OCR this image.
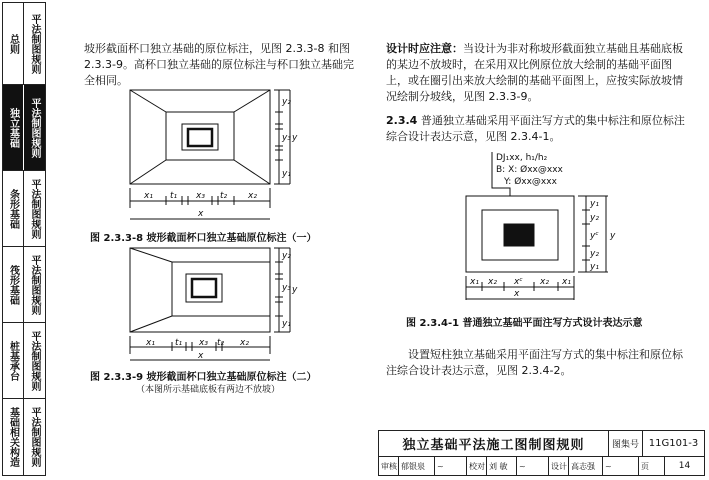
总则	平法制图规则
独立基础	平法制图规则
条形基础	平法制图规则
筏形基础	平法制图规则
桩基承台	平法制图规则
基础相关构造	平法制图规则
坡形截面杯口独立基础的原位标注，见图 2.3.3-8 和图 2.3.3-9。高杯口独立基础的原位标注与杯口独立基础完全相同。
x₁ t₁ x₃ t₂ x₂
x
y₂
y₃
y₁
y
图 2.3.3-8 坡形截面杯口独立基础原位标注（一）
x₁ t₁ x₃ t₂ x₂
x
y₂
y₃
y₁
y
图 2.3.3-9 坡形截面杯口独立基础原位标注（二）
（本图所示基础底板有两边不放坡）
设计时应注意：当设计为非对称坡形截面独立基础且基础底板的某边不放坡时，在采用双比例原位放大绘制的基础平面图上，或在圈引出来放大绘制的基础平面图上，应按实际放坡情况绘制分坡线，见图 2.3.3-9。
2.3.4 普通独立基础采用平面注写方式的集中标注和原位标注综合设计表达示意，见图 2.3.4-1。
DJ₁xx, h₁/h₂
B: X: Øxx@xxx
Y: Øxx@xxx
x₁ x₂ xᶜ x₂ x₁
x
y₁
y₂
yᶜ
y₂
y₁
y
图 2.3.4-1 普通独立基础平面注写方式设计表达示意
设置短柱独立基础采用平面注写方式的集中标注和原位标注综合设计表达示意，见图 2.3.4-2。
独立基础平法施工图制图规则	图集号 11G101-3
审核 郁银泉	~	校对 刘 敏	~	设计 高志强	~	页	14
